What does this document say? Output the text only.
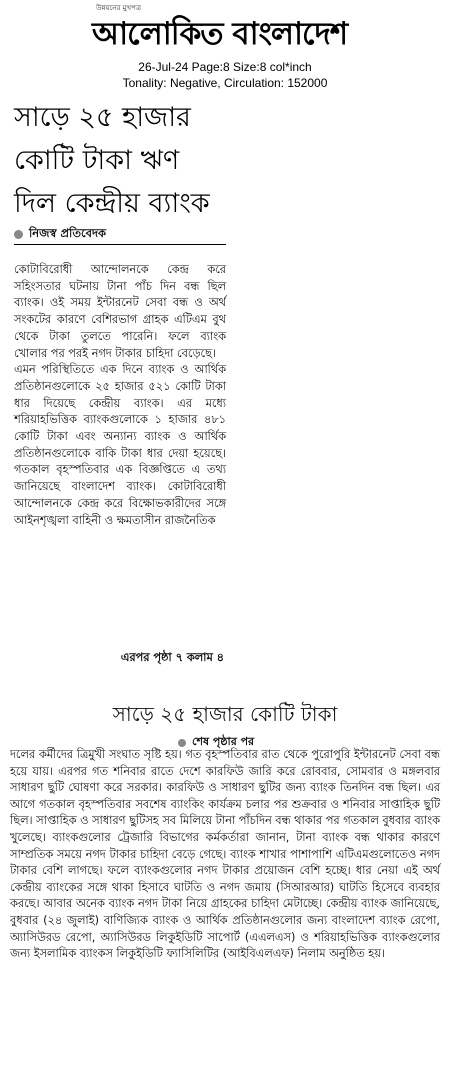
উন্নয়নের মুখপত্র
আলোকিত বাংলাদেশ
26-Jul-24 Page:8 Size:8 col*inch
Tonality: Negative, Circulation: 152000
সাড়ে ২৫ হাজার
কোটি টাকা ঋণ
দিল কেন্দ্রীয় ব্যাংক
নিজস্ব প্রতিবেদক

কোটাবিরোধী আন্দোলনকে কেন্দ্র করে সহিংসতার ঘটনায় টানা পাঁচ দিন বন্ধ ছিল ব্যাংক। ওই সময় ইন্টারনেট সেবা বন্ধ ও অর্থ সংকটের কারণে বেশিরভাগ গ্রাহক এটিএম বুথ থেকে টাকা তুলতে পারেনি। ফলে ব্যাংক খোলার পর পরই নগদ টাকার চাহিদা বেড়েছে।

এমন পরিস্থিতিতে এক দিনে ব্যাংক ও আর্থিক প্রতিষ্ঠানগুলোকে ২৫ হাজার ৫২১ কোটি টাকা ধার দিয়েছে কেন্দ্রীয় ব্যাংক। এর মধ্যে শরিয়াহভিত্তিক ব্যাংকগুলোকে ১ হাজার ৪৮১ কোটি টাকা এবং অন্যান্য ব্যাংক ও আর্থিক প্রতিষ্ঠানগুলোকে বাকি টাকা ধার দেয়া হয়েছে। গতকাল বৃহস্পতিবার এক বিজ্ঞপ্তিতে এ তথ্য জানিয়েছে বাংলাদেশ ব্যাংক। কোটাবিরোধী আন্দোলনকে কেন্দ্র করে বিক্ষোভকারীদের সঙ্গে আইনশৃঙ্খলা বাহিনী ও ক্ষমতাসীন রাজনৈতিক

এরপর পৃষ্ঠা ৭ কলাম ৪
সাড়ে ২৫ হাজার কোটি টাকা
শেষ পৃষ্ঠার পর

দলের কর্মীদের ত্রিমুখী সংঘাত সৃষ্টি হয়। গত বৃহস্পতিবার রাত থেকে পুরোপুরি ইন্টারনেট সেবা বন্ধ হয়ে যায়। এরপর গত শনিবার রাতে দেশে কারফিউ জারি করে রোববার, সোমবার ও মঙ্গলবার সাধারণ ছুটি ঘোষণা করে সরকার। কারফিউ ও সাধারণ ছুটির জন্য ব্যাংক তিনদিন বন্ধ ছিল। এর আগে গতকাল বৃহস্পতিবার সবশেষ ব্যাংকিং কার্যক্রম চলার পর শুক্রবার ও শনিবার সাপ্তাহিক ছুটি ছিল। সাপ্তাহিক ও সাধারণ ছুটিসহ সব মিলিয়ে টানা পাঁচদিন বন্ধ থাকার পর গতকাল বুধবার ব্যাংক খুলেছে। ব্যাংকগুলোর ট্রেজারি বিভাগের কর্মকর্তারা জানান, টানা ব্যাংক বন্ধ থাকার কারণে সাম্প্রতিক সময়ে নগদ টাকার চাহিদা বেড়ে গেছে। ব্যাংক শাখার পাশাপাশি এটিএমগুলোতেও নগদ টাকার বেশি লাগছে। ফলে ব্যাংকগুলোর নগদ টাকার প্রয়োজন বেশি হচ্ছে। ধার নেয়া এই অর্থ কেন্দ্রীয় ব্যাংকের সঙ্গে থাকা হিসাবে ঘাটতি ও নগদ জমায় (সিআরআর) ঘাটতি হিসেবে ব্যবহার করছে। আবার অনেক ব্যাংক নগদ টাকা নিয়ে গ্রাহকের চাহিদা মেটাচ্ছে। কেন্দ্রীয় ব্যাংক জানিয়েছে, বুধবার (২৪ জুলাই) বাণিজ্যিক ব্যাংক ও আর্থিক প্রতিষ্ঠানগুলোর জন্য বাংলাদেশ ব্যাংক রেপো, অ্যাসিউরড রেপো, অ্যাসিউরড লিকুইডিটি সাপোর্ট (এএলএস) ও শরিয়াহভিত্তিক ব্যাংকগুলোর জন্য ইসলামিক ব্যাংকস লিকুইডিটি ফ্যাসিলিটির (আইবিএলএফ) নিলাম অনুষ্ঠিত হয়।
